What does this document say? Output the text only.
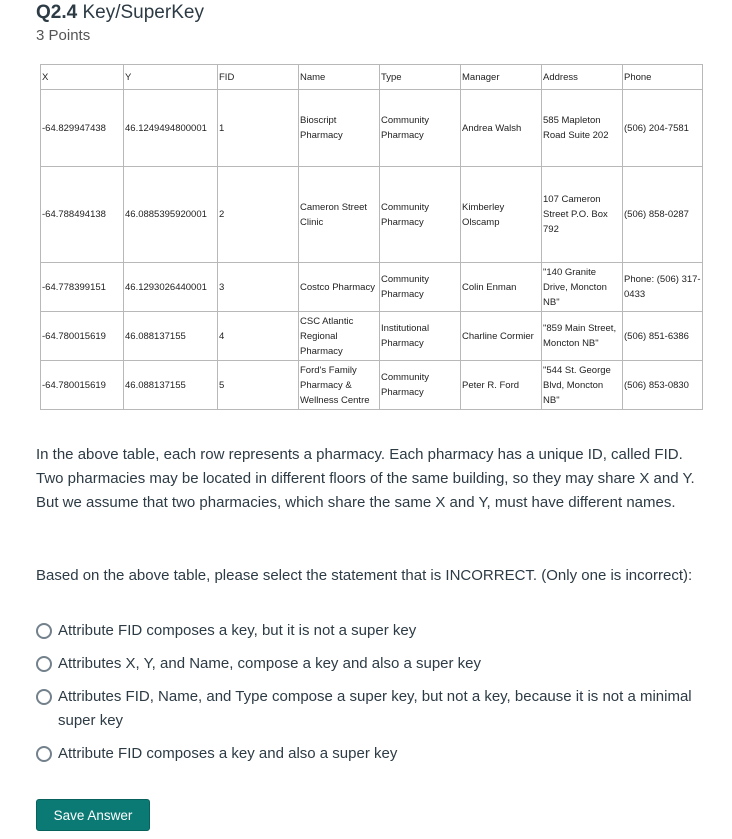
Q2.4 Key/SuperKey
3 Points
X	Y	FID	Name	Type	Manager	Address	Phone
-64.829947438	46.1249494800001	1	Bioscript Pharmacy	Community Pharmacy	Andrea Walsh	585 Mapleton Road Suite 202	(506) 204-7581
-64.788494138	46.0885395920001	2	Cameron Street Clinic	Community Pharmacy	Kimberley Olscamp	107 Cameron Street P.O. Box 792	(506) 858-0287
-64.778399151	46.1293026440001	3	Costco Pharmacy	Community Pharmacy	Colin Enman	"140 Granite Drive, Moncton NB"	Phone: (506) 317-0433
-64.780015619	46.088137155	4	CSC Atlantic Regional Pharmacy	Institutional Pharmacy	Charline Cormier	"859 Main Street, Moncton NB"	(506) 851-6386
-64.780015619	46.088137155	5	Ford's Family Pharmacy & Wellness Centre	Community Pharmacy	Peter R. Ford	"544 St. George Blvd, Moncton NB"	(506) 853-0830

In the above table, each row represents a pharmacy. Each pharmacy has a unique ID, called FID. Two pharmacies may be located in different floors of the same building, so they may share X and Y. But we assume that two pharmacies, which share the same X and Y, must have different names.

Based on the above table, please select the statement that is INCORRECT. (Only one is incorrect):

Attribute FID composes a key, but it is not a super key
Attributes X, Y, and Name, compose a key and also a super key
Attributes FID, Name, and Type compose a super key, but not a key, because it is not a minimal super key
Attribute FID composes a key and also a super key
Save Answer
